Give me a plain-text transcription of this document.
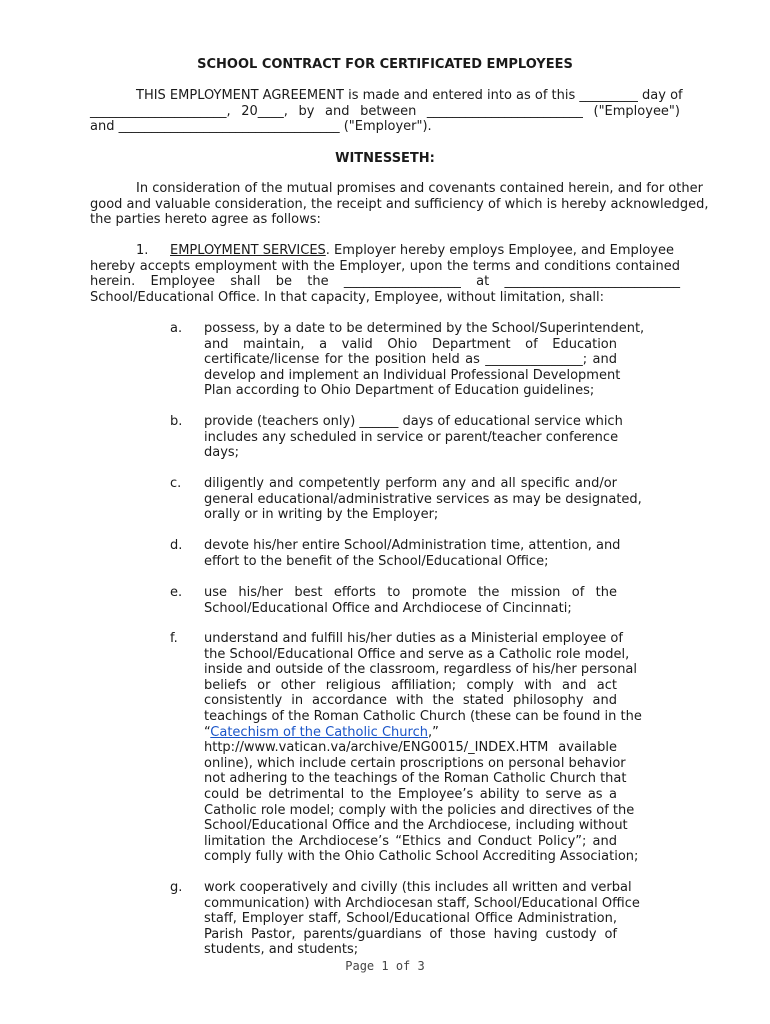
SCHOOL CONTRACT FOR CERTIFICATED EMPLOYEES
THIS EMPLOYMENT AGREEMENT is made and entered into as of this _________ day of
_____________________, 20____, by and between ________________________ ("Employee")
and __________________________________ ("Employer").
WITNESSETH:
In consideration of the mutual promises and covenants contained herein, and for other
good and valuable consideration, the receipt and sufficiency of which is hereby acknowledged,
the parties hereto agree as follows:
1.	EMPLOYMENT SERVICES. Employer hereby employs Employee, and Employee
hereby accepts employment with the Employer, upon the terms and conditions contained
herein. Employee shall be the __________________ at ___________________________
School/Educational Office. In that capacity, Employee, without limitation, shall:
a. possess, by a date to be determined by the School/Superintendent,
and maintain, a valid Ohio Department of Education
certificate/license for the position held as _______________; and
develop and implement an Individual Professional Development
Plan according to Ohio Department of Education guidelines;
b. provide (teachers only) ______ days of educational service which
includes any scheduled in service or parent/teacher conference
days;
c. diligently and competently perform any and all specific and/or
general educational/administrative services as may be designated,
orally or in writing by the Employer;
d. devote his/her entire School/Administration time, attention, and
effort to the benefit of the School/Educational Office;
e. use his/her best efforts to promote the mission of the
School/Educational Office and Archdiocese of Cincinnati;
f. understand and fulfill his/her duties as a Ministerial employee of
the School/Educational Office and serve as a Catholic role model,
inside and outside of the classroom, regardless of his/her personal
beliefs or other religious affiliation; comply with and act
consistently in accordance with the stated philosophy and
teachings of the Roman Catholic Church (these can be found in the
“Catechism of the Catholic Church,”
http://www.vatican.va/archive/ENG0015/_INDEX.HTM available
online), which include certain proscriptions on personal behavior
not adhering to the teachings of the Roman Catholic Church that
could be detrimental to the Employee’s ability to serve as a
Catholic role model; comply with the policies and directives of the
School/Educational Office and the Archdiocese, including without
limitation the Archdiocese’s “Ethics and Conduct Policy”; and
comply fully with the Ohio Catholic School Accrediting Association;
g. work cooperatively and civilly (this includes all written and verbal
communication) with Archdiocesan staff, School/Educational Office
staff, Employer staff, School/Educational Office Administration,
Parish Pastor, parents/guardians of those having custody of
students, and students;
Page 1 of 3
